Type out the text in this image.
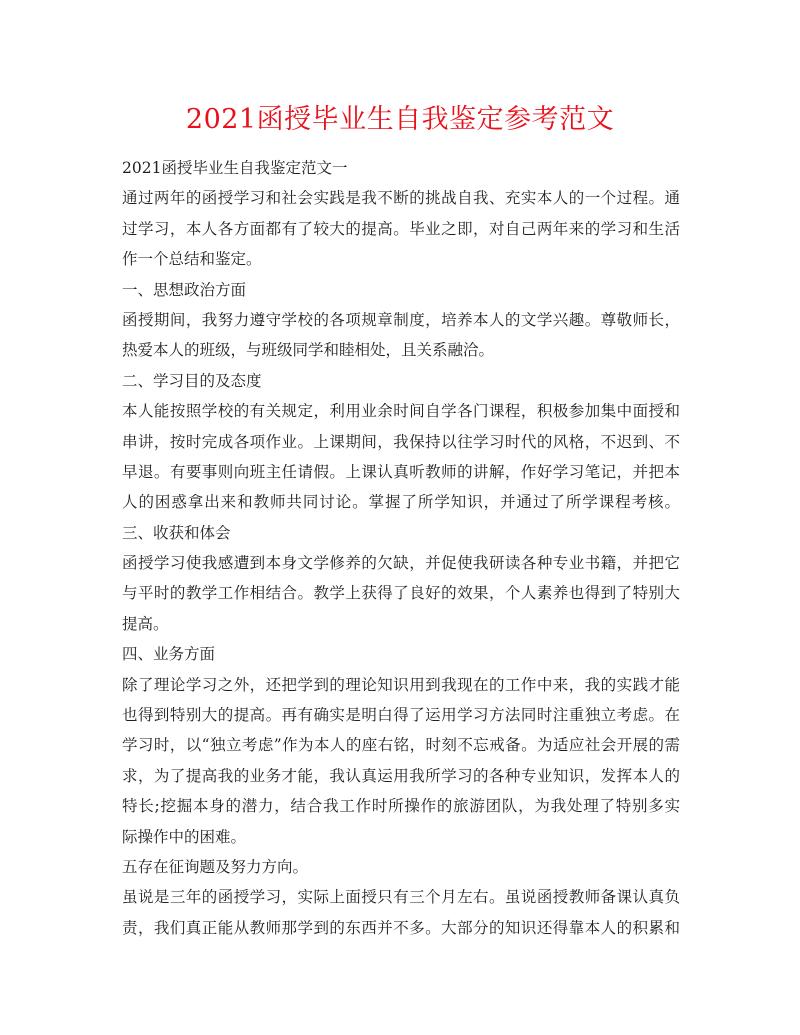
2021函授毕业生自我鉴定参考范文
2021函授毕业生自我鉴定范文一
通过两年的函授学习和社会实践是我不断的挑战自我、充实本人的一个过程。通
过学习，本人各方面都有了较大的提高。毕业之即，对自己两年来的学习和生活
作一个总结和鉴定。
一、思想政治方面
函授期间，我努力遵守学校的各项规章制度，培养本人的文学兴趣。尊敬师长，
热爱本人的班级，与班级同学和睦相处，且关系融洽。
二、学习目的及态度
本人能按照学校的有关规定，利用业余时间自学各门课程，积极参加集中面授和
串讲，按时完成各项作业。上课期间，我保持以往学习时代的风格，不迟到、不
早退。有要事则向班主任请假。上课认真听教师的讲解，作好学习笔记，并把本
人的困惑拿出来和教师共同讨论。掌握了所学知识，并通过了所学课程考核。
三、收获和体会
函授学习使我感遭到本身文学修养的欠缺，并促使我研读各种专业书籍，并把它
与平时的教学工作相结合。教学上获得了良好的效果，个人素养也得到了特别大
提高。
四、业务方面
除了理论学习之外，还把学到的理论知识用到我现在的工作中来，我的实践才能
也得到特别大的提高。再有确实是明白得了运用学习方法同时注重独立考虑。在
学习时，以“独立考虑”作为本人的座右铭，时刻不忘戒备。为适应社会开展的需
求，为了提高我的业务才能，我认真运用我所学习的各种专业知识，发挥本人的
特长;挖掘本身的潜力，结合我工作时所操作的旅游团队，为我处理了特别多实
际操作中的困难。
五存在征询题及努力方向。
虽说是三年的函授学习，实际上面授只有三个月左右。虽说函授教师备课认真负
责，我们真正能从教师那学到的东西并不多。大部分的知识还得靠本人的积累和
